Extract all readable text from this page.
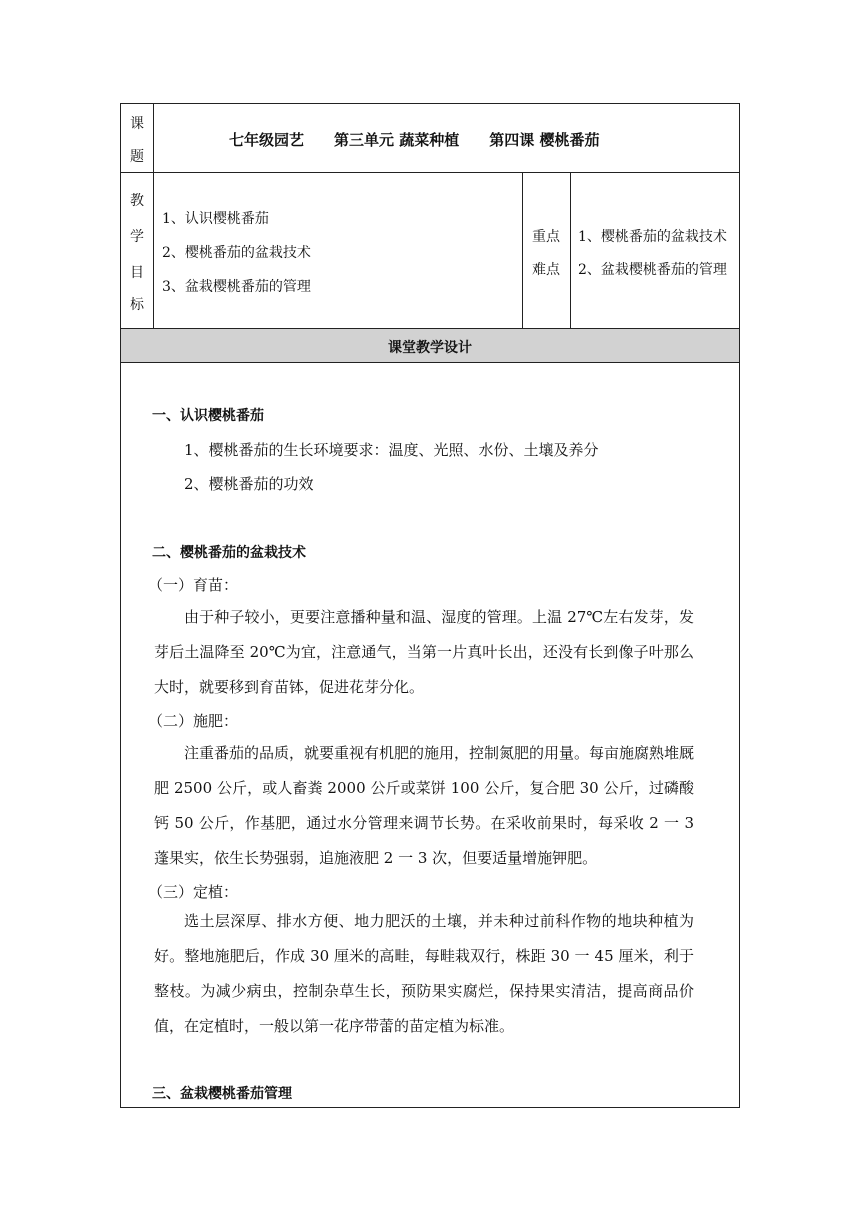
课
题
七年级园艺　　第三单元 蔬菜种植　　第四课 樱桃番茄
教
学
目
标
1、认识樱桃番茄
2、樱桃番茄的盆栽技术
3、盆栽樱桃番茄的管理
重点
难点
1、樱桃番茄的盆栽技术
2、盆栽樱桃番茄的管理
课堂教学设计
一、认识樱桃番茄
1、樱桃番茄的生长环境要求：温度、光照、水份、土壤及养分
2、樱桃番茄的功效
二、樱桃番茄的盆栽技术
（一）育苗：
由于种子较小，更要注意播种量和温、湿度的管理。上温 27℃左右发芽，发芽后土温降至 20℃为宜，注意通气，当第一片真叶长出，还没有长到像子叶那么大时，就要移到育苗钵，促进花芽分化。
（二）施肥：
注重番茄的品质，就要重视有机肥的施用，控制氮肥的用量。每亩施腐熟堆厩肥 2500 公斤，或人畜粪 2000 公斤或菜饼 100 公斤，复合肥 30 公斤，过磷酸钙 50 公斤，作基肥，通过水分管理来调节长势。在采收前果时，每采收 2 一 3 蓬果实，依生长势强弱，追施液肥 2 一 3 次，但要适量增施钾肥。
（三）定植：
选土层深厚、排水方便、地力肥沃的土壤，并未种过前科作物的地块种植为好。整地施肥后，作成 30 厘米的高畦，每畦栽双行，株距 30 一 45 厘米，利于整枝。为减少病虫，控制杂草生长，预防果实腐烂，保持果实清洁，提高商品价值，在定植时，一般以第一花序带蕾的苗定植为标准。
三、盆栽樱桃番茄管理
